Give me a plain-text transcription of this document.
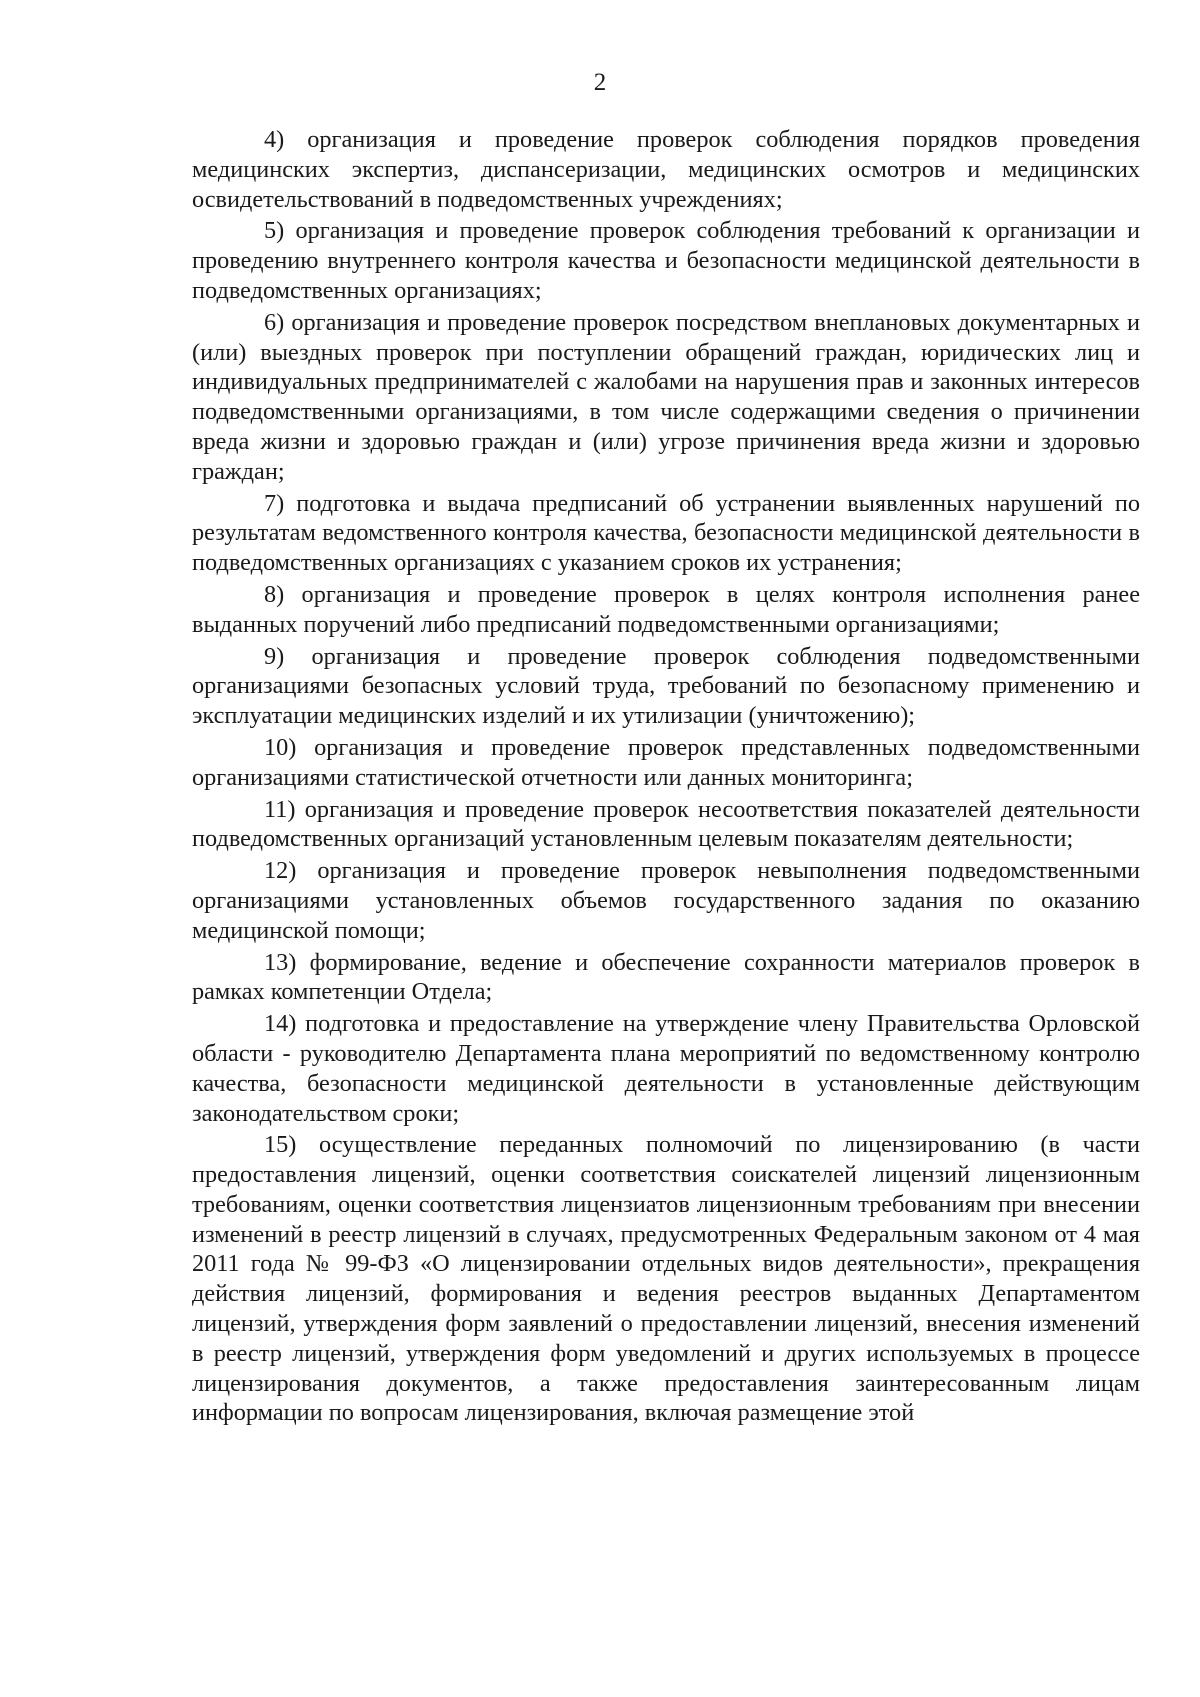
2

4) организация и проведение проверок соблюдения порядков проведения медицинских экспертиз, диспансеризации, медицинских осмотров и медицинских освидетельствований в подведомственных учреждениях;

5) организация и проведение проверок соблюдения требований к организации и проведению внутреннего контроля качества и безопасности медицинской деятельности в подведомственных организациях;

6) организация и проведение проверок посредством внеплановых документарных и (или) выездных проверок при поступлении обращений граждан, юридических лиц и индивидуальных предпринимателей с жалобами на нарушения прав и законных интересов подведомственными организациями, в том числе содержащими сведения о причинении вреда жизни и здоровью граждан и (или) угрозе причинения вреда жизни и здоровью граждан;

7) подготовка и выдача предписаний об устранении выявленных нарушений по результатам ведомственного контроля качества, безопасности медицинской деятельности в подведомственных организациях с указанием сроков их устранения;

8) организация и проведение проверок в целях контроля исполнения ранее выданных поручений либо предписаний подведомственными организациями;

9) организация и проведение проверок соблюдения подведомственными организациями безопасных условий труда, требований по безопасному применению и эксплуатации медицинских изделий и их утилизации (уничтожению);

10) организация и проведение проверок представленных подведомственными организациями статистической отчетности или данных мониторинга;

11) организация и проведение проверок несоответствия показателей деятельности подведомственных организаций установленным целевым показателям деятельности;

12) организация и проведение проверок невыполнения подведомственными организациями установленных объемов государственного задания по оказанию медицинской помощи;

13) формирование, ведение и обеспечение сохранности материалов проверок в рамках компетенции Отдела;

14) подготовка и предоставление на утверждение члену Правительства Орловской области - руководителю Департамента плана мероприятий по ведомственному контролю качества, безопасности медицинской деятельности в установленные действующим законодательством сроки;

15) осуществление переданных полномочий по лицензированию (в части предоставления лицензий, оценки соответствия соискателей лицензий лицензионным требованиям, оценки соответствия лицензиатов лицензионным требованиям при внесении изменений в реестр лицензий в случаях, предусмотренных Федеральным законом от 4 мая 2011 года № 99-ФЗ «О лицензировании отдельных видов деятельности», прекращения действия лицензий, формирования и ведения реестров выданных Департаментом лицензий, утверждения форм заявлений о предоставлении лицензий, внесения изменений в реестр лицензий, утверждения форм уведомлений и других используемых в процессе лицензирования документов, а также предоставления заинтересованным лицам информации по вопросам лицензирования, включая размещение этой
